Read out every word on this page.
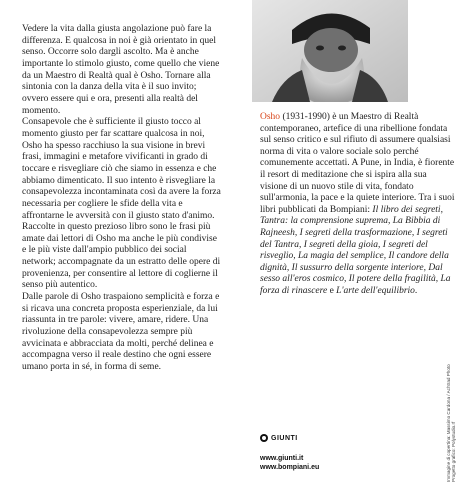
Vedere la vita dalla giusta angolazione può fare la differenza. E qualcosa in noi è già orientato in quel senso. Occorre solo dargli ascolto. Ma è anche importante lo stimolo giusto, come quello che viene da un Maestro di Realtà qual è Osho. Tornare alla sintonia con la danza della vita è il suo invito; ovvero essere qui e ora, presenti alla realtà del momento.

Consapevole che è sufficiente il giusto tocco al momento giusto per far scattare qualcosa in noi, Osho ha spesso racchiuso la sua visione in brevi frasi, immagini e metafore vivificanti in grado di toccare e risvegliare ciò che siamo in essenza e che abbiamo dimenticato. Il suo intento è risvegliare la consapevolezza incontaminata così da avere la forza necessaria per cogliere le sfide della vita e affrontarne le avversità con il giusto stato d'animo.

Raccolte in questo prezioso libro sono le frasi più amate dai lettori di Osho ma anche le più condivise e le più viste dall'ampio pubblico dei social network; accompagnate da un estratto delle opere di provenienza, per consentire al lettore di coglierne il senso più autentico.

Dalle parole di Osho traspaiono semplicità e forza e si ricava una concreta proposta esperienziale, da lui riassunta in tre parole: vivere, amare, ridere. Una rivoluzione della consapevolezza sempre più avvicinata e abbracciata da molti, perché delinea e accompagna verso il reale destino che ogni essere umano porta in sé, in forma di seme.

Osho (1931-1990) è un Maestro di Realtà contemporaneo, artefice di una ribellione fondata sul senso critico e sul rifiuto di assumere qualsiasi norma di vita o valore sociale solo perché comunemente accettati. A Pune, in India, è fiorente il resort di meditazione che si ispira alla sua visione di un nuovo stile di vita, fondato sull'armonia, la pace e la quiete interiore. Tra i suoi libri pubblicati da Bompiani: Il libro dei segreti, Tantra: la comprensione suprema, La Bibbia di Rajneesh, I segreti della trasformazione, I segreti del Tantra, I segreti della gioia, I segreti del risveglio, La magia del semplice, Il candore della dignità, Il sussurro della sorgente interiore, Dal sesso all'eros cosmico, Il potere della fragilità, La forza di rinascere e L'arte dell'equilibrio.
GIUNTI
www.giunti.it
www.bompiani.eu	Immagine di copertina: Massimo Cardona / Achtrad Photo Progetto grafico: Polystudio.rf
